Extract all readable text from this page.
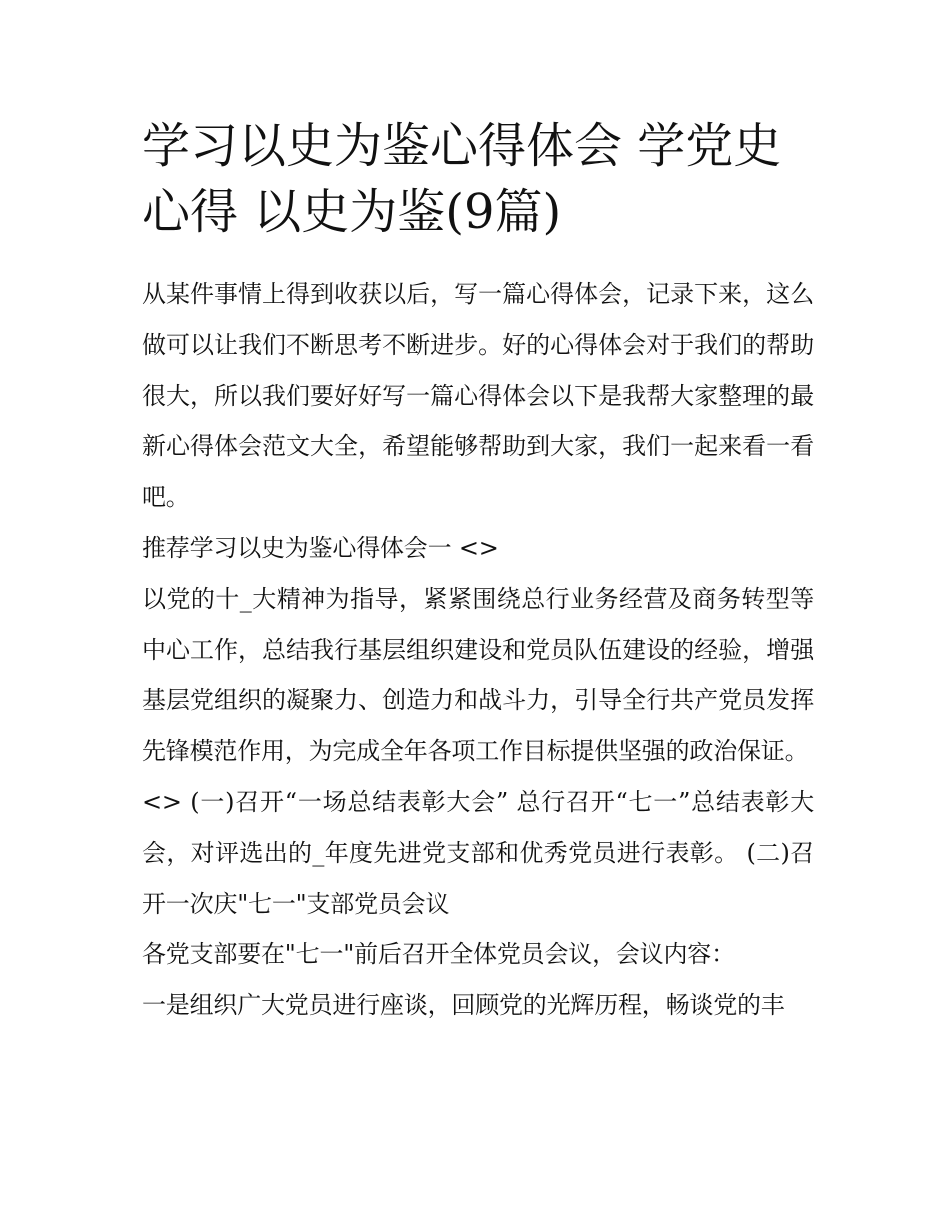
学习以史为鉴心得体会 学党史心得 以史为鉴(9篇)

从某件事情上得到收获以后，写一篇心得体会，记录下来，这么做可以让我们不断思考不断进步。好的心得体会对于我们的帮助很大，所以我们要好好写一篇心得体会以下是我帮大家整理的最新心得体会范文大全，希望能够帮助到大家，我们一起来看一看吧。

推荐学习以史为鉴心得体会一 <>

以党的十_大精神为指导，紧紧围绕总行业务经营及商务转型等中心工作，总结我行基层组织建设和党员队伍建设的经验，增强基层党组织的凝聚力、创造力和战斗力，引导全行共产党员发挥先锋模范作用，为完成全年各项工作目标提供坚强的政治保证。

<> (一)召开“一场总结表彰大会” 总行召开“七一”总结表彰大会，对评选出的_年度先进党支部和优秀党员进行表彰。 (二)召开一次庆"七一"支部党员会议

各党支部要在"七一"前后召开全体党员会议，会议内容：

一是组织广大党员进行座谈，回顾党的光辉历程，畅谈党的丰
